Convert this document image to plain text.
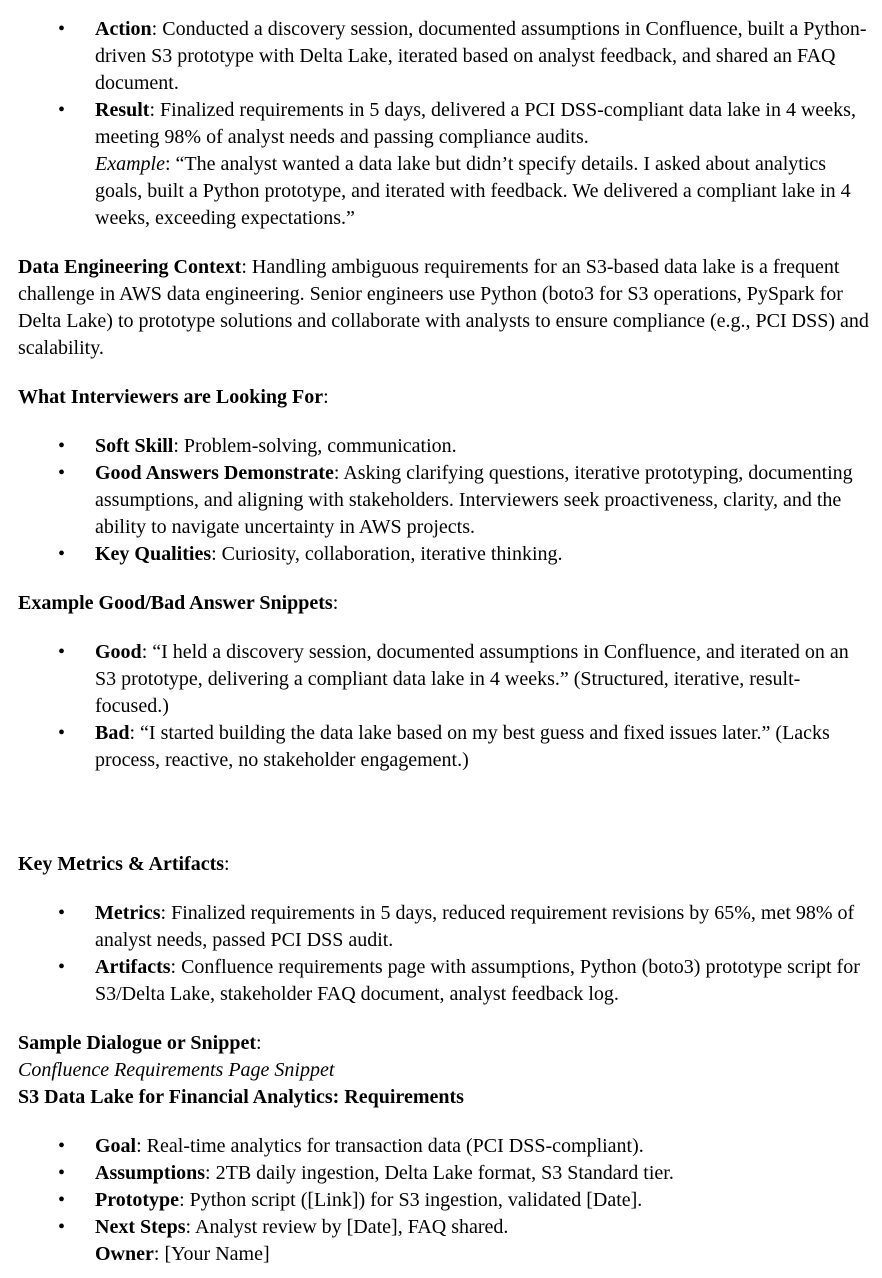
• Action: Conducted a discovery session, documented assumptions in Confluence, built a Python-driven S3 prototype with Delta Lake, iterated based on analyst feedback, and shared an FAQ document.
• Result: Finalized requirements in 5 days, delivered a PCI DSS-compliant data lake in 4 weeks, meeting 98% of analyst needs and passing compliance audits.
Example: “The analyst wanted a data lake but didn’t specify details. I asked about analytics goals, built a Python prototype, and iterated with feedback. We delivered a compliant lake in 4 weeks, exceeding expectations.”

Data Engineering Context: Handling ambiguous requirements for an S3-based data lake is a frequent challenge in AWS data engineering. Senior engineers use Python (boto3 for S3 operations, PySpark for Delta Lake) to prototype solutions and collaborate with analysts to ensure compliance (e.g., PCI DSS) and scalability.

What Interviewers are Looking For:

• Soft Skill: Problem-solving, communication.
• Good Answers Demonstrate: Asking clarifying questions, iterative prototyping, documenting assumptions, and aligning with stakeholders. Interviewers seek proactiveness, clarity, and the ability to navigate uncertainty in AWS projects.
• Key Qualities: Curiosity, collaboration, iterative thinking.

Example Good/Bad Answer Snippets:

• Good: “I held a discovery session, documented assumptions in Confluence, and iterated on an S3 prototype, delivering a compliant data lake in 4 weeks.” (Structured, iterative, result-focused.)
• Bad: “I started building the data lake based on my best guess and fixed issues later.” (Lacks process, reactive, no stakeholder engagement.)

Key Metrics & Artifacts:

• Metrics: Finalized requirements in 5 days, reduced requirement revisions by 65%, met 98% of analyst needs, passed PCI DSS audit.
• Artifacts: Confluence requirements page with assumptions, Python (boto3) prototype script for S3/Delta Lake, stakeholder FAQ document, analyst feedback log.

Sample Dialogue or Snippet:

Confluence Requirements Page Snippet

S3 Data Lake for Financial Analytics: Requirements

• Goal: Real-time analytics for transaction data (PCI DSS-compliant).
• Assumptions: 2TB daily ingestion, Delta Lake format, S3 Standard tier.
• Prototype: Python script ([Link]) for S3 ingestion, validated [Date].
• Next Steps: Analyst review by [Date], FAQ shared.
Owner: [Your Name]
